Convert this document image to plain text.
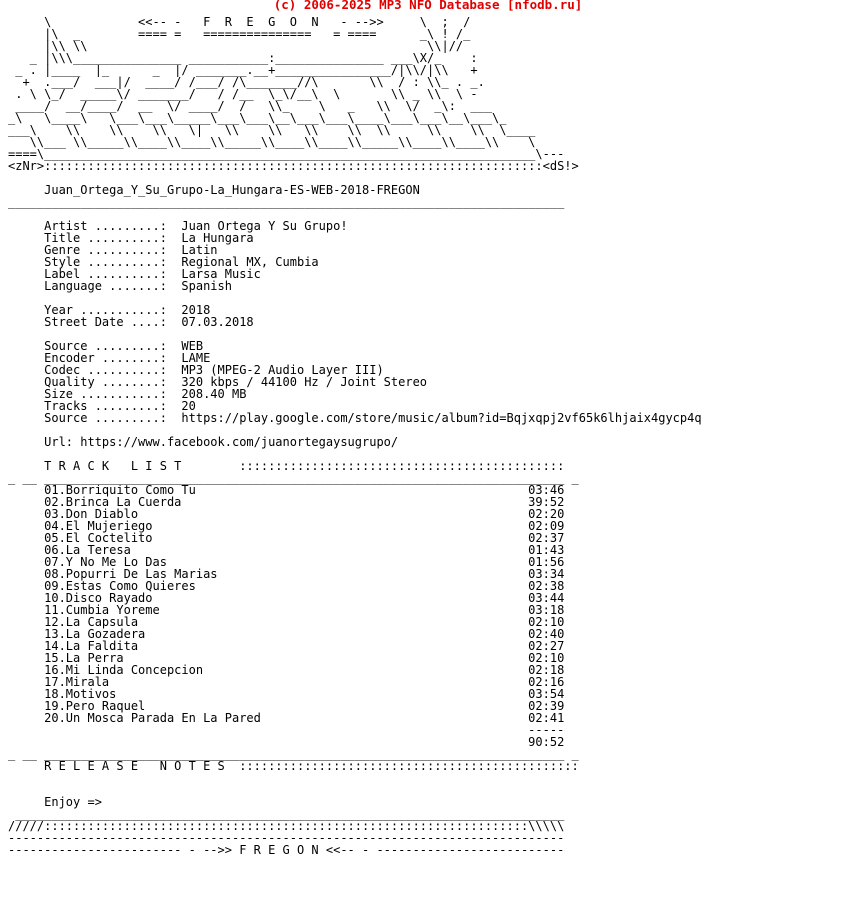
(c) 2006-2025 MP3 NFO Database [nfodb.ru]
\            <<-- -   F  R  E  G  O  N   - -->>     \  ;  /
|\  _        ==== =   ===============   = ====      _\ ! /_
|\\ \\                                               \\|//
_ |\\\_______________ ___________:_______________ ___\X/_    :
_ . |____  |_      _  |/ _______.__+________________/|\\/|\\   +
+  .___/  ___|/  ____/ /___/ /\_______//\       \\  / : \\_ . _.
. \ \_/  _____\/ _______/   / /__  \_\/__\  \       \\ _ \\  \ -
____/  __/____/  __  \/ ____/  /   \\_    \   _   \\  \/  _\:  ___
_\   \____\   \___\___\_____\___\___\__\___\___\____\___\___\__\___\_
___\    \\    \\    \\   \|   \\    \\   \\    \\  \\     \\    \\  \____
\\___ \\_____\\____\\____\\_____\\____\\____\\_____\\____\\____\\    \
====\____________________________________________________________________\---
<zNr>:::::::::::::::::::::::::::::::::::::::::::::::::::::::::::::::::::::<dS!>

Juan_Ortega_Y_Su_Grupo-La_Hungara-ES-WEB-2018-FREGON
_____________________________________________________________________________

Artist .........:  Juan Ortega Y Su Grupo!
Title ..........:  La Hungara
Genre ..........:  Latin
Style ..........:  Regional MX, Cumbia
Label ..........:  Larsa Music
Language .......:  Spanish

Year ...........:  2018
Street Date ....:  07.03.2018

Source .........:  WEB
Encoder ........:  LAME
Codec ..........:  MP3 (MPEG-2 Audio Layer III)
Quality ........:  320 kbps / 44100 Hz / Joint Stereo
Size ...........:  208.40 MB
Tracks .........:  20
Source .........:  https://play.google.com/store/music/album?id=Bqjxqpj2vf65k6lhjaix4gycp4q

Url: https://www.facebook.com/juanortegaysugrupo/

T R A C K   L I S T        :::::::::::::::::::::::::::::::::::::::::::::
_ __ ________________________________________________________________________ _
01.Borriquito Como Tu                                              03:46
02.Brinca La Cuerda                                                39:52
03.Don Diablo                                                      02:20
04.El Mujeriego                                                    02:09
05.El Coctelito                                                    02:37
06.La Teresa                                                       01:43
07.Y No Me Lo Das                                                  01:56
08.Popurri De Las Marias                                           03:34
09.Estas Como Quieres                                              02:38
10.Disco Rayado                                                    03:44
11.Cumbia Yoreme                                                   03:18
12.La Capsula                                                      02:10
13.La Gozadera                                                     02:40
14.La Faldita                                                      02:27
15.La Perra                                                        02:10
16.Mi Linda Concepcion                                             02:18
17.Mirala                                                          02:16
18.Motivos                                                         03:54
19.Pero Raquel                                                     02:39
20.Un Mosca Parada En La Pared                                     02:41
-----
90:52
_ __ ________________________________________________________________________ _
R E L E A S E   N O T E S  :::::::::::::::::::::::::::::::::::::::::::::::

Enjoy =>
____________________________________________________________________________
/////:::::::::::::::::::::::::::::::::::::::::::::::::::::::::::::::::::\\\\\
-----------------------------------------------------------------------------
------------------------ - -->> F R E G O N <<-- - --------------------------
